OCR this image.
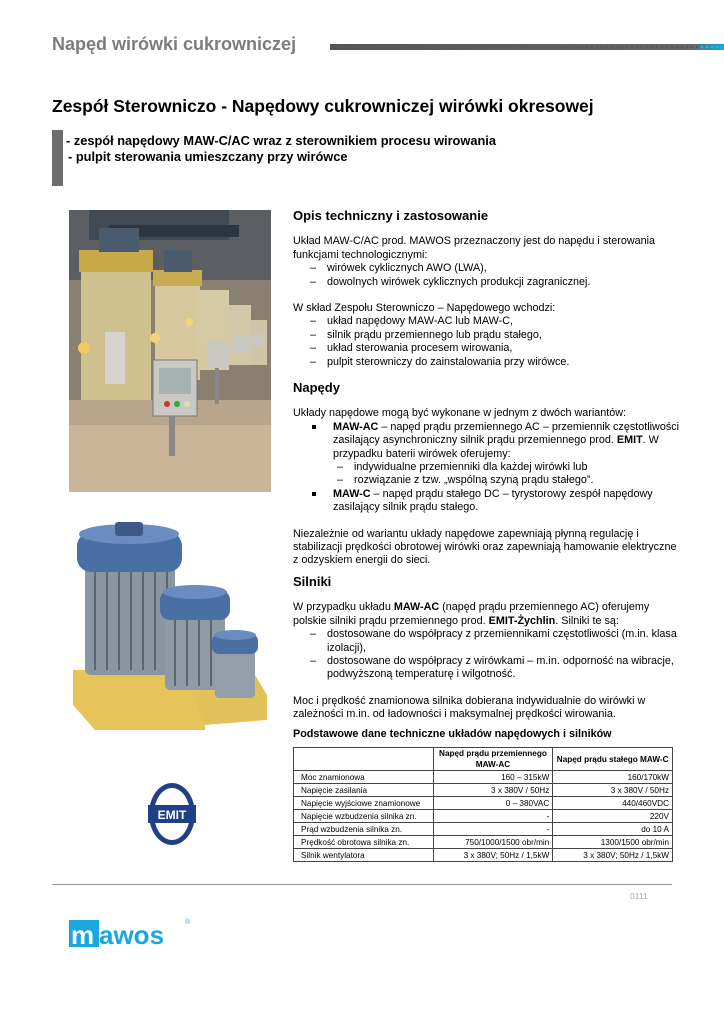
Napęd wirówki cukrowniczej
Zespół Sterowniczo - Napędowy cukrowniczej wirówki okresowej
- zespół napędowy MAW-C/AC wraz z sterownikiem procesu wirowania
- pulpit sterowania umieszczany przy wirówce
EMIT
Opis techniczny i zastosowanie
Układ MAW-C/AC prod. MAWOS przeznaczony jest do napędu i sterowania funkcjami technologicznymi:
– wirówek cyklicznych AWO (LWA),
– dowolnych wirówek cyklicznych produkcji zagranicznej.
W skład Zespołu Sterowniczo – Napędowego wchodzi:
– układ napędowy MAW-AC lub MAW-C,
– silnik prądu przemiennego lub prądu stałego,
– układ sterowania procesem wirowania,
– pulpit sterowniczy do zainstalowania przy wirówce.
Napędy
Układy napędowe mogą być wykonane w jednym z dwóch wariantów:
MAW-AC – napęd prądu przemiennego AC – przemiennik częstotliwości zasilający asynchroniczny silnik prądu przemiennego prod. EMIT. W przypadku baterii wirówek oferujemy:
– indywidualne przemienniki dla każdej wirówki lub
– rozwiązanie z tzw. „wspólną szyną prądu stałego”.
MAW-C – napęd prądu stałego DC – tyrystorowy zespół napędowy zasilający silnik prądu stałego.
Niezależnie od wariantu układy napędowe zapewniają płynną regulację i stabilizacji prędkości obrotowej wirówki oraz zapewniają hamowanie elektryczne z odzyskiem energii do sieci.
Silniki
W przypadku układu MAW-AC (napęd prądu przemiennego AC) oferujemy polskie silniki prądu przemiennego prod. EMIT-Żychlin. Silniki te są:
– dostosowane do współpracy z przemiennikami częstotliwości (m.in. klasa izolacji),
– dostosowane do współpracy z wirówkami – m.in. odporność na wibracje, podwyższoną temperaturę i wilgotność.
Moc i prędkość znamionowa silnika dobierana indywidualnie do wirówki w zależności m.in. od ładowności i maksymalnej prędkości wirowania.
Podstawowe dane techniczne układów napędowych i silników
	Napęd prądu przemiennego MAW-AC	Napęd prądu stałego MAW-C
Moc znamionowa	160 – 315kW	160/170kW
Napięcie zasilania	3 x 380V / 50Hz	3 x 380V / 50Hz
Napięcie wyjściowe znamionowe	0 – 380VAC	440/460VDC
Napięcie wzbudzenia silnika zn.	-	220V
Prąd wzbudzenia silnika zn.	-	do 10 A
Prędkość obrotowa silnika zn.	750/1000/1500 obr/min	1300/1500 obr/min
Silnik wentylatora	3 x 380V; 50Hz / 1,5kW	3 x 380V; 50Hz / 1,5kW
0111
m awos	®
